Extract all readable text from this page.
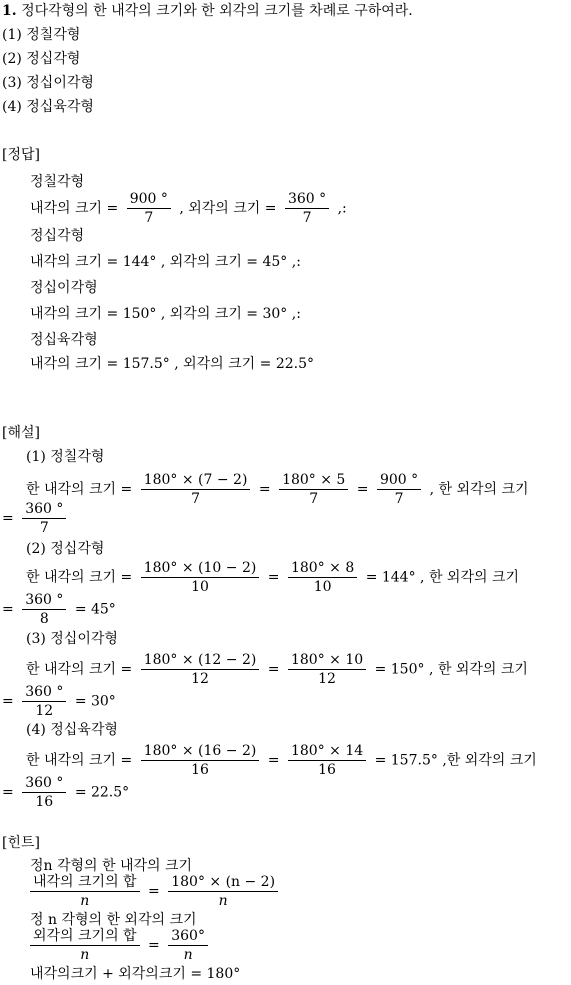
1. 정다각형의 한 내각의 크기와 한 외각의 크기를 차례로 구하여라.
(1) 정칠각형
(2) 정십각형
(3) 정십이각형
(4) 정십육각형
[정답]
정칠각형
내각의 크기 = $\frac{900 ^\circ}{7}$ , 외각의 크기 = $\frac{360 ^\circ}{7}$ ,:
정십각형
내각의 크기 = 144° , 외각의 크기 = 45° ,:
정십이각형
내각의 크기 = 150° , 외각의 크기 = 30° ,:
정십육각형
내각의 크기 = 157.5° , 외각의 크기 = 22.5°
[해설]
(1) 정칠각형
한 내각의 크기 = $\frac{180^\circ \times (7 - 2)}{7} = \frac{180^\circ \times 5}{7} = \frac{900 ^\circ}{7}$ , 한 외각의 크기
= $\frac{360 ^\circ}{7}$
(2) 정십각형
한 내각의 크기 = $\frac{180^\circ \times (10 - 2)}{10} = \frac{180^\circ \times 8}{10} = 144^\circ$ , 한 외각의 크기
= $\frac{360 ^\circ}{8} = 45^\circ$
(3) 정십이각형
한 내각의 크기 = $\frac{180^\circ \times (12 - 2)}{12} = \frac{180^\circ \times 10}{12} = 150^\circ$ , 한 외각의 크기
= $\frac{360 ^\circ}{12} = 30^\circ$
(4) 정십육각형
한 내각의 크기 = $\frac{180^\circ \times (16 - 2)}{16} = \frac{180^\circ \times 14}{16} = 157.5^\circ$ ,한 외각의 크기
= $\frac{360 ^\circ}{16} = 22.5^\circ$
[힌트]
정n 각형의 한 내각의 크기
$\frac{\text{내각의 크기의 합}}{n} = \frac{180^\circ \times (n - 2)}{n}$
정 n 각형의 한 외각의 크기
$\frac{\text{외각의 크기의 합}}{n} = \frac{360^\circ}{n}$
내각의크기 + 외각의크기 = 180°
